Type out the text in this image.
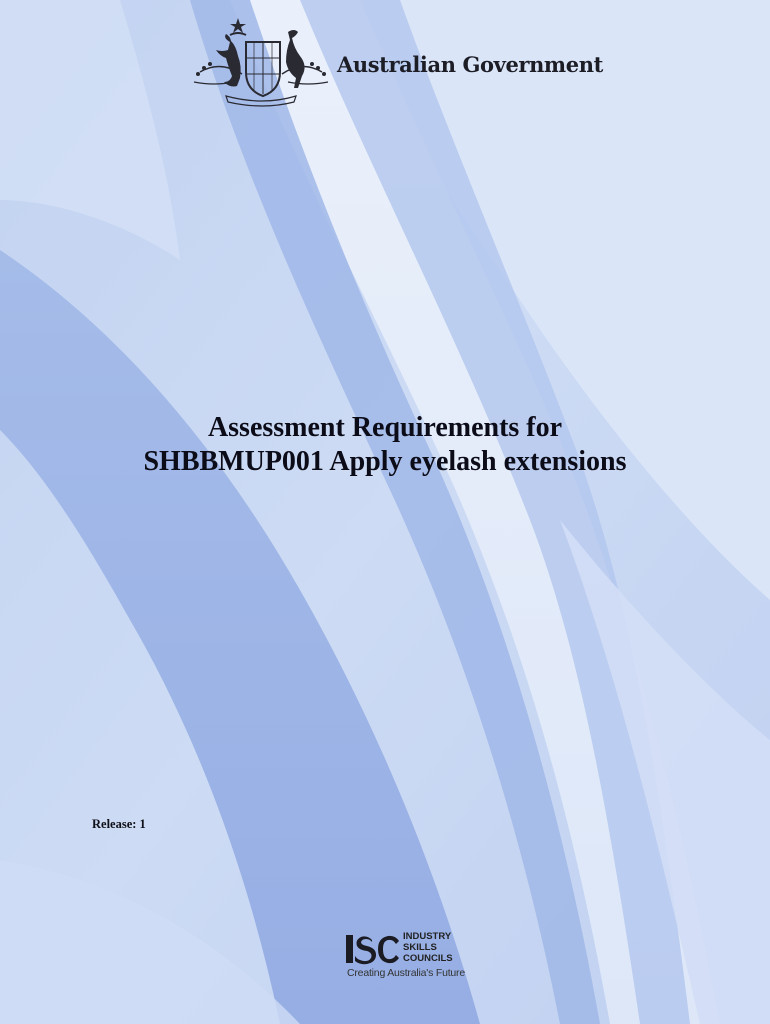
Australian Government
Assessment Requirements for
SHBBMUP001 Apply eyelash extensions
Release: 1
INDUSTRY
SKILLS
COUNCILS
Creating Australia's Future
